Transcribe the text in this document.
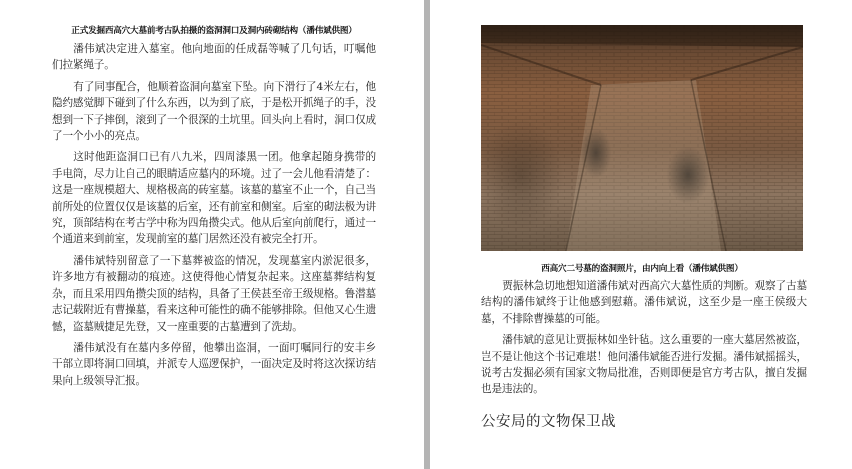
正式发掘西高穴大墓前考古队拍摄的盗洞洞口及洞内砖砌结构（潘伟斌供图）

潘伟斌决定进入墓室。他向地面的任成磊等喊了几句话，叮嘱他们拉紧绳子。

有了同事配合，他顺着盗洞向墓室下坠。向下滑行了4米左右，他隐约感觉脚下碰到了什么东西，以为到了底，于是松开抓绳子的手，没想到一下子摔倒，滚到了一个很深的土坑里。回头向上看时，洞口仅成了一个小小的亮点。

这时他距盗洞口已有八九米，四周漆黑一团。他拿起随身携带的手电筒，尽力让自己的眼睛适应墓内的环境。过了一会儿他看清楚了：这是一座规模超大、规格极高的砖室墓。该墓的墓室不止一个，自己当前所处的位置仅仅是该墓的后室，还有前室和侧室。后室的砌法极为讲究，顶部结构在考古学中称为四角攒尖式。他从后室向前爬行，通过一个通道来到前室，发现前室的墓门居然还没有被完全打开。

潘伟斌特别留意了一下墓葬被盗的情况，发现墓室内淤泥很多，许多地方有被翻动的痕迹。这使得他心情复杂起来。这座墓葬结构复杂，而且采用四角攒尖顶的结构，具备了王侯甚至帝王级规格。鲁潜墓志记载附近有曹操墓，看来这种可能性的确不能够排除。但他又心生遗憾，盗墓贼捷足先登，又一座重要的古墓遭到了洗劫。

潘伟斌没有在墓内多停留，他攀出盗洞，一面叮嘱同行的安丰乡干部立即将洞口回填，并派专人巡逻保护，一面决定及时将这次探访结果向上级领导汇报。

西高穴二号墓的盗洞照片，由内向上看（潘伟斌供图）

贾振林急切地想知道潘伟斌对西高穴大墓性质的判断。观察了古墓结构的潘伟斌终于让他感到慰藉。潘伟斌说，这至少是一座王侯级大墓，不排除曹操墓的可能。

潘伟斌的意见让贾振林如坐针毡。这么重要的一座大墓居然被盗，岂不是让他这个书记难堪！他问潘伟斌能否进行发掘。潘伟斌摇摇头，说考古发掘必须有国家文物局批准，否则即便是官方考古队，擅自发掘也是违法的。

公安局的文物保卫战
